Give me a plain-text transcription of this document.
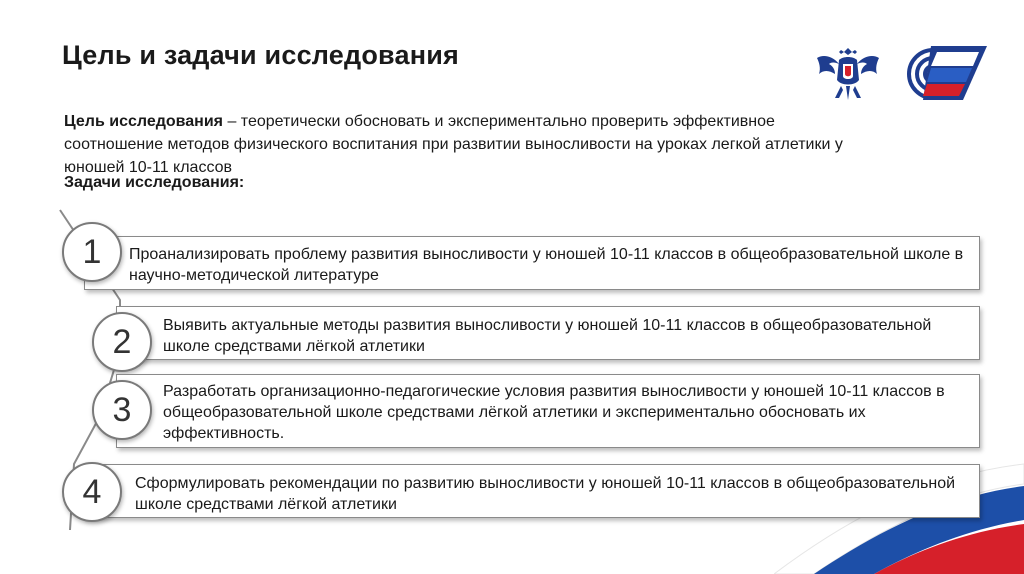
Цель и задачи исследования
Цель исследования – теоретически обосновать и экспериментально проверить эффективное соотношение методов физического воспитания при развитии выносливости на уроках легкой атлетики у юношей 10-11 классов
Задачи исследования:
Проанализировать проблему развития выносливости у юношей 10-11 классов в общеобразовательной школе в научно-методической литературе
1
Выявить актуальные методы развития выносливости у юношей 10-11 классов в общеобразовательной школе средствами лёгкой атлетики
2
Разработать организационно-педагогические условия развития выносливости у юношей 10-11 классов в общеобразовательной школе средствами лёгкой атлетики и экспериментально обосновать их эффективность.
3
Сформулировать рекомендации по развитию выносливости у юношей 10-11 классов в общеобразовательной школе средствами лёгкой атлетики
4
